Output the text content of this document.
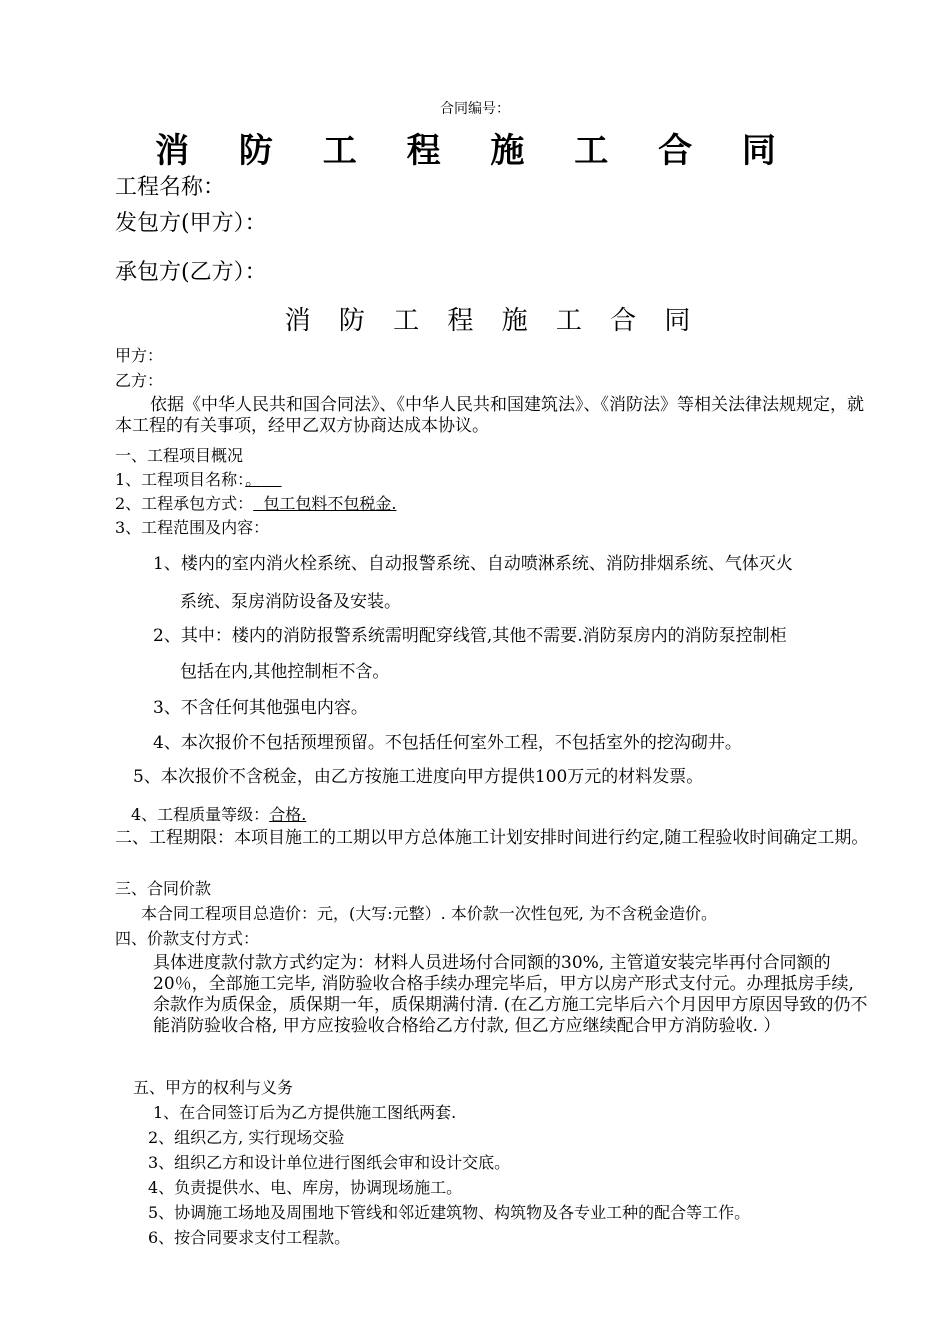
合同编号：
消 防 工 程 施 工 合 同
工程名称：
发包方(甲方）：
承包方(乙方）：
消 防 工 程 施 工 合 同
甲方：
乙方：
依据《中华人民共和国合同法》、《中华人民共和国建筑法》、《消防法》等相关法律法规规定，就本工程的有关事项，经甲乙双方协商达成本协议。
一、工程项目概况
1、工程项目名称：。
2、工程承包方式： 包工包料不包税金.
3、工程范围及内容：
1、楼内的室内消火栓系统、自动报警系统、自动喷淋系统、消防排烟系统、气体灭火
系统、泵房消防设备及安装。
2、其中：楼内的消防报警系统需明配穿线管,其他不需要.消防泵房内的消防泵控制柜
包括在内,其他控制柜不含。
3、不含任何其他强电内容。
4、本次报价不包括预埋预留。不包括任何室外工程，不包括室外的挖沟砌井。
5、本次报价不含税金，由乙方按施工进度向甲方提供100万元的材料发票。
4、工程质量等级：合格.
二、工程期限：本项目施工的工期以甲方总体施工计划安排时间进行约定,随工程验收时间确定工期。
三、合同价款
本合同工程项目总造价：元，(大写:元整）. 本价款一次性包死, 为不含税金造价。
四、价款支付方式：
具体进度款付款方式约定为：材料人员进场付合同额的30%, 主管道安装完毕再付合同额的20％，全部施工完毕, 消防验收合格手续办理完毕后，甲方以房产形式支付元。办理抵房手续, 余款作为质保金，质保期一年，质保期满付清. (在乙方施工完毕后六个月因甲方原因导致的仍不能消防验收合格, 甲方应按验收合格给乙方付款, 但乙方应继续配合甲方消防验收. ）
五、甲方的权利与义务
1、在合同签订后为乙方提供施工图纸两套.
2、组织乙方, 实行现场交验
3、组织乙方和设计单位进行图纸会审和设计交底。
4、负责提供水、电、库房，协调现场施工。
5、协调施工场地及周围地下管线和邻近建筑物、构筑物及各专业工种的配合等工作。
6、按合同要求支付工程款。
